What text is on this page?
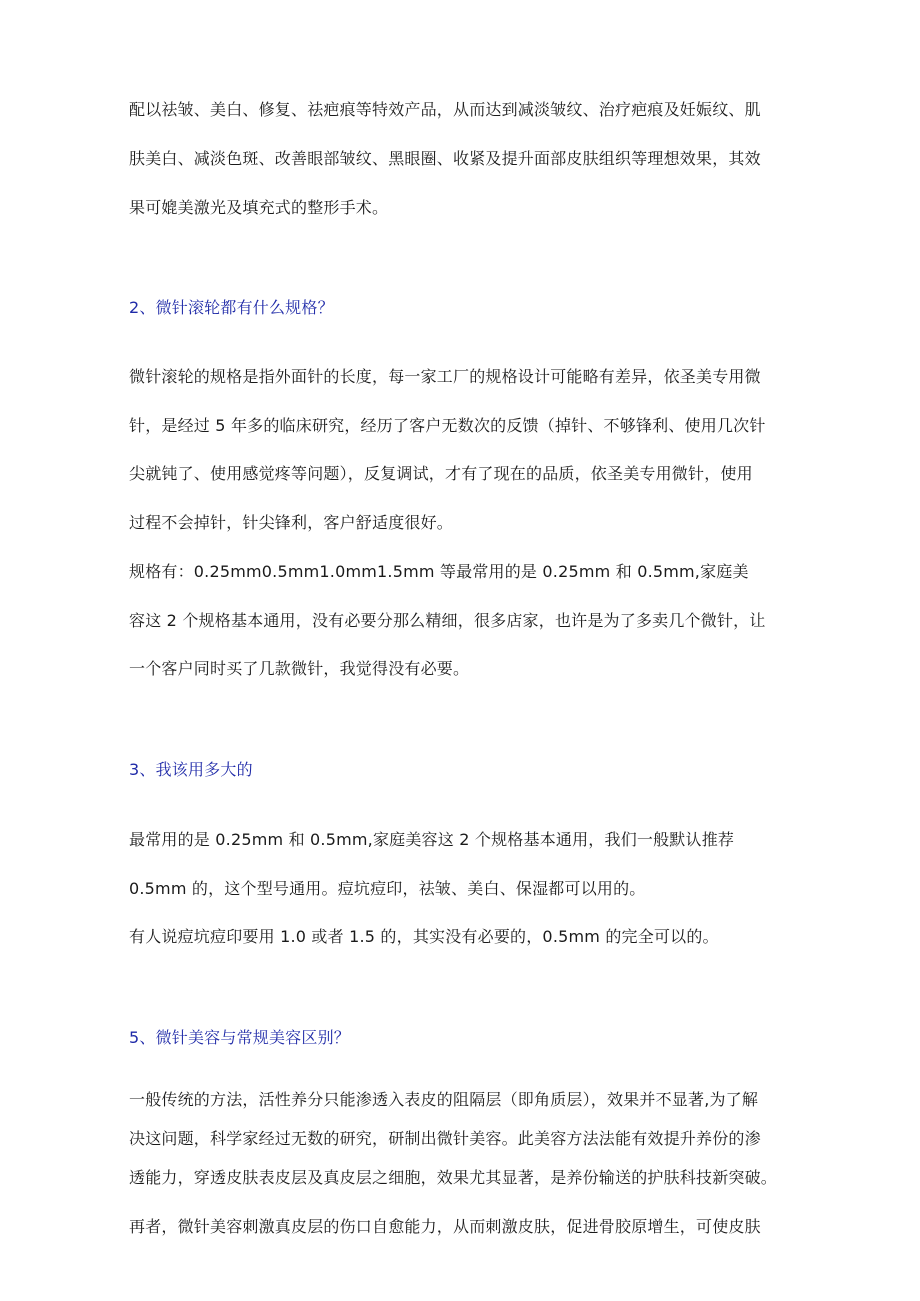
配以祛皱、美白、修复、祛疤痕等特效产品，从而达到减淡皱纹、治疗疤痕及妊娠纹、肌
肤美白、减淡色斑、改善眼部皱纹、黑眼圈、收紧及提升面部皮肤组织等理想效果，其效
果可媲美激光及填充式的整形手术。
2、微针滚轮都有什么规格？
微针滚轮的规格是指外面针的长度，每一家工厂的规格设计可能略有差异，依圣美专用微
针，是经过 5 年多的临床研究，经历了客户无数次的反馈（掉针、不够锋利、使用几次针
尖就钝了、使用感觉疼等问题），反复调试，才有了现在的品质，依圣美专用微针，使用
过程不会掉针，针尖锋利，客户舒适度很好。
规格有：0.25mm0.5mm1.0mm1.5mm 等最常用的是 0.25mm 和 0.5mm,家庭美
容这 2 个规格基本通用，没有必要分那么精细，很多店家，也许是为了多卖几个微针，让
一个客户同时买了几款微针，我觉得没有必要。
3、我该用多大的
最常用的是 0.25mm 和 0.5mm,家庭美容这 2 个规格基本通用，我们一般默认推荐
0.5mm 的，这个型号通用。痘坑痘印，祛皱、美白、保湿都可以用的。
有人说痘坑痘印要用 1.0 或者 1.5 的，其实没有必要的，0.5mm 的完全可以的。
5、微针美容与常规美容区别？
一般传统的方法，活性养分只能渗透入表皮的阻隔层（即角质层），效果并不显著,为了解
决这问题，科学家经过无数的研究，研制出微针美容。此美容方法法能有效提升养份的渗
透能力，穿透皮肤表皮层及真皮层之细胞，效果尤其显著，是养份输送的护肤科技新突破。
再者，微针美容刺激真皮层的伤口自愈能力，从而刺激皮肤，促进骨胶原增生，可使皮肤
